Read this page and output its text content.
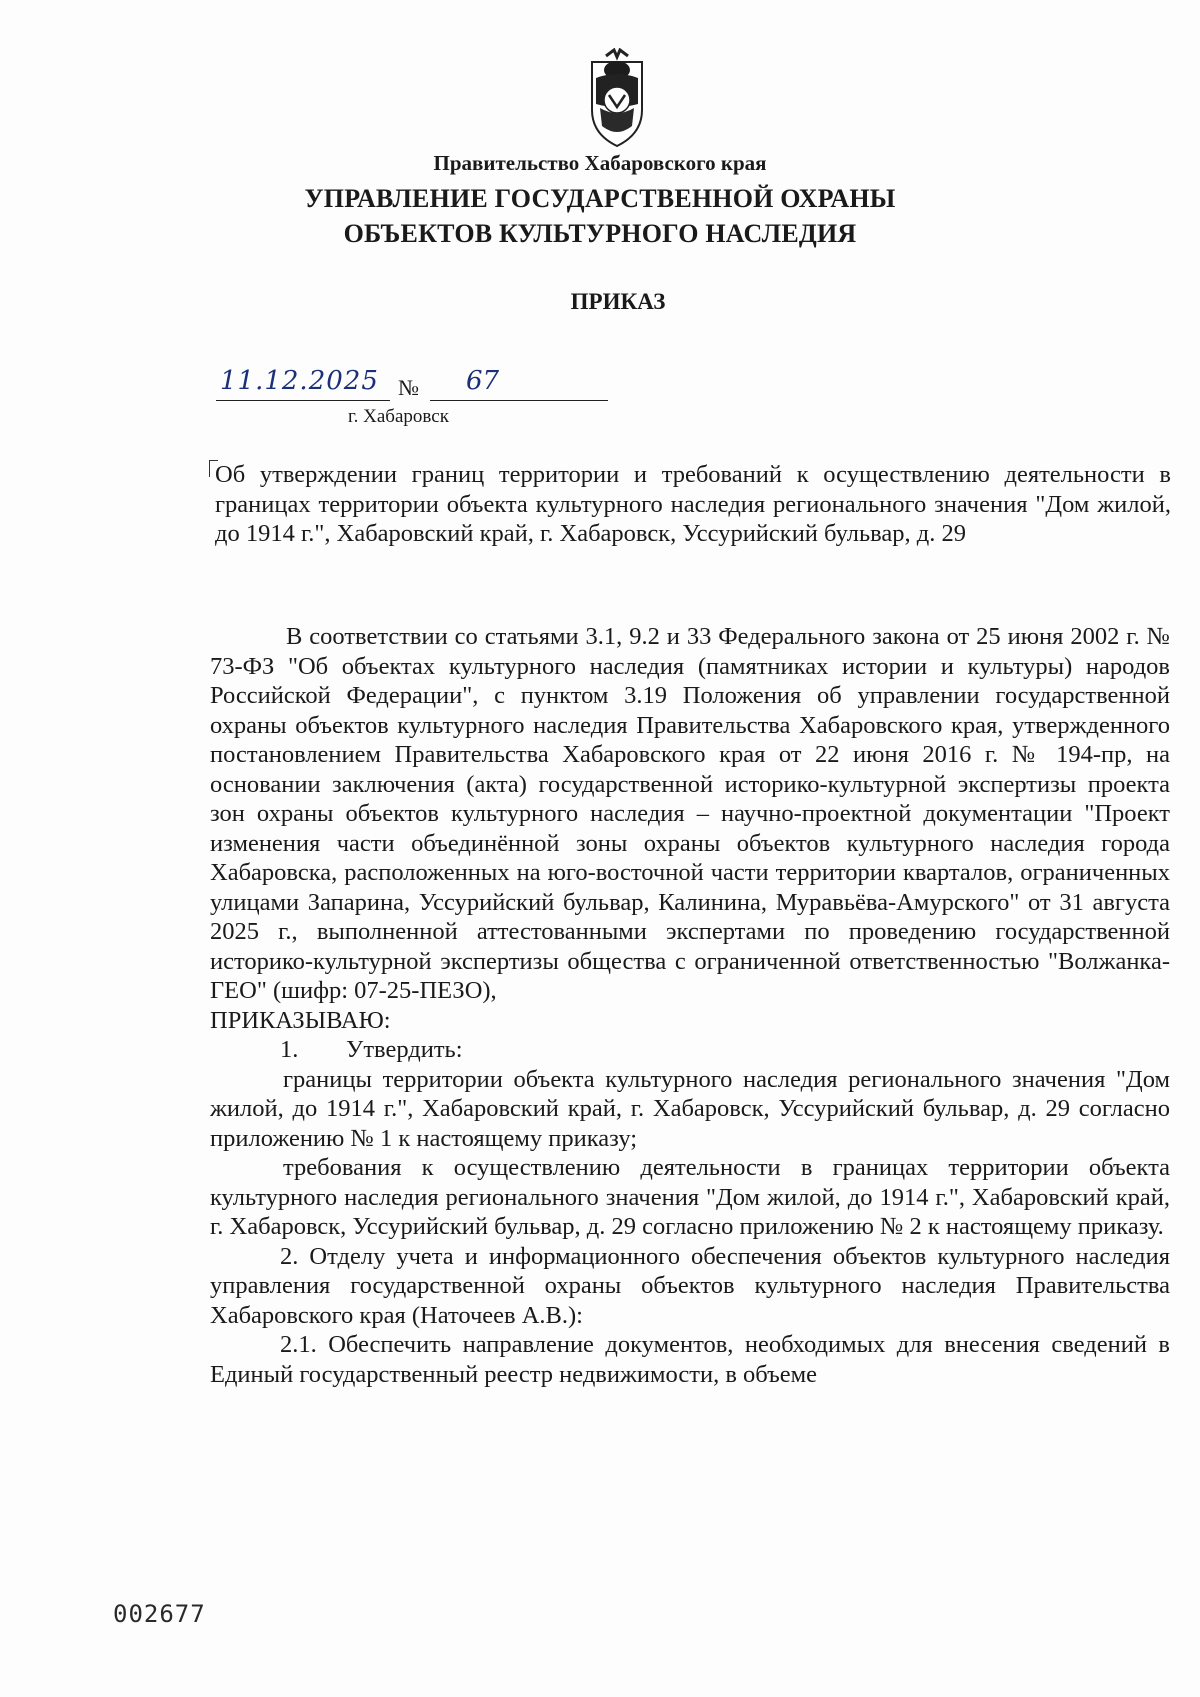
Правительство Хабаровского края
УПРАВЛЕНИЕ ГОСУДАРСТВЕННОЙ ОХРАНЫ
ОБЪЕКТОВ КУЛЬТУРНОГО НАСЛЕДИЯ
ПРИКАЗ
11.12.2025 № 67
г. Хабаровск
Об утверждении границ территории и требований к осуществлению деятельности в границах территории объекта культурного наследия регионального значения "Дом жилой, до 1914 г.", Хабаровский край, г. Хабаровск, Уссурийский бульвар, д. 29

В соответствии со статьями 3.1, 9.2 и 33 Федерального закона от 25 июня 2002 г. № 73-ФЗ "Об объектах культурного наследия (памятниках истории и культуры) народов Российской Федерации", с пунктом 3.19 Положения об управлении государственной охраны объектов культурного наследия Правительства Хабаровского края, утвержденного постановлением Правительства Хабаровского края от 22 июня 2016 г. № 194-пр, на основании заключения (акта) государственной историко-культурной экспертизы проекта зон охраны объектов культурного наследия – научно-проектной документации "Проект изменения части объединённой зоны охраны объектов культурного наследия города Хабаровска, расположенных на юго-восточной части территории кварталов, ограниченных улицами Запарина, Уссурийский бульвар, Калинина, Муравьёва-Амурского" от 31 августа 2025 г., выполненной аттестованными экспертами по проведению государственной историко-культурной экспертизы общества с ограниченной ответственностью "Волжанка-ГЕО" (шифр: 07-25-ПЕЗО),

ПРИКАЗЫВАЮ:

1. Утвердить:

границы территории объекта культурного наследия регионального значения "Дом жилой, до 1914 г.", Хабаровский край, г. Хабаровск, Уссурийский бульвар, д. 29 согласно приложению № 1 к настоящему приказу;

требования к осуществлению деятельности в границах территории объекта культурного наследия регионального значения "Дом жилой, до 1914 г.", Хабаровский край, г. Хабаровск, Уссурийский бульвар, д. 29 согласно приложению № 2 к настоящему приказу.

2. Отделу учета и информационного обеспечения объектов культурного наследия управления государственной охраны объектов культурного наследия Правительства Хабаровского края (Наточеев А.В.):

2.1. Обеспечить направление документов, необходимых для внесения сведений в Единый государственный реестр недвижимости, в объеме

002677
